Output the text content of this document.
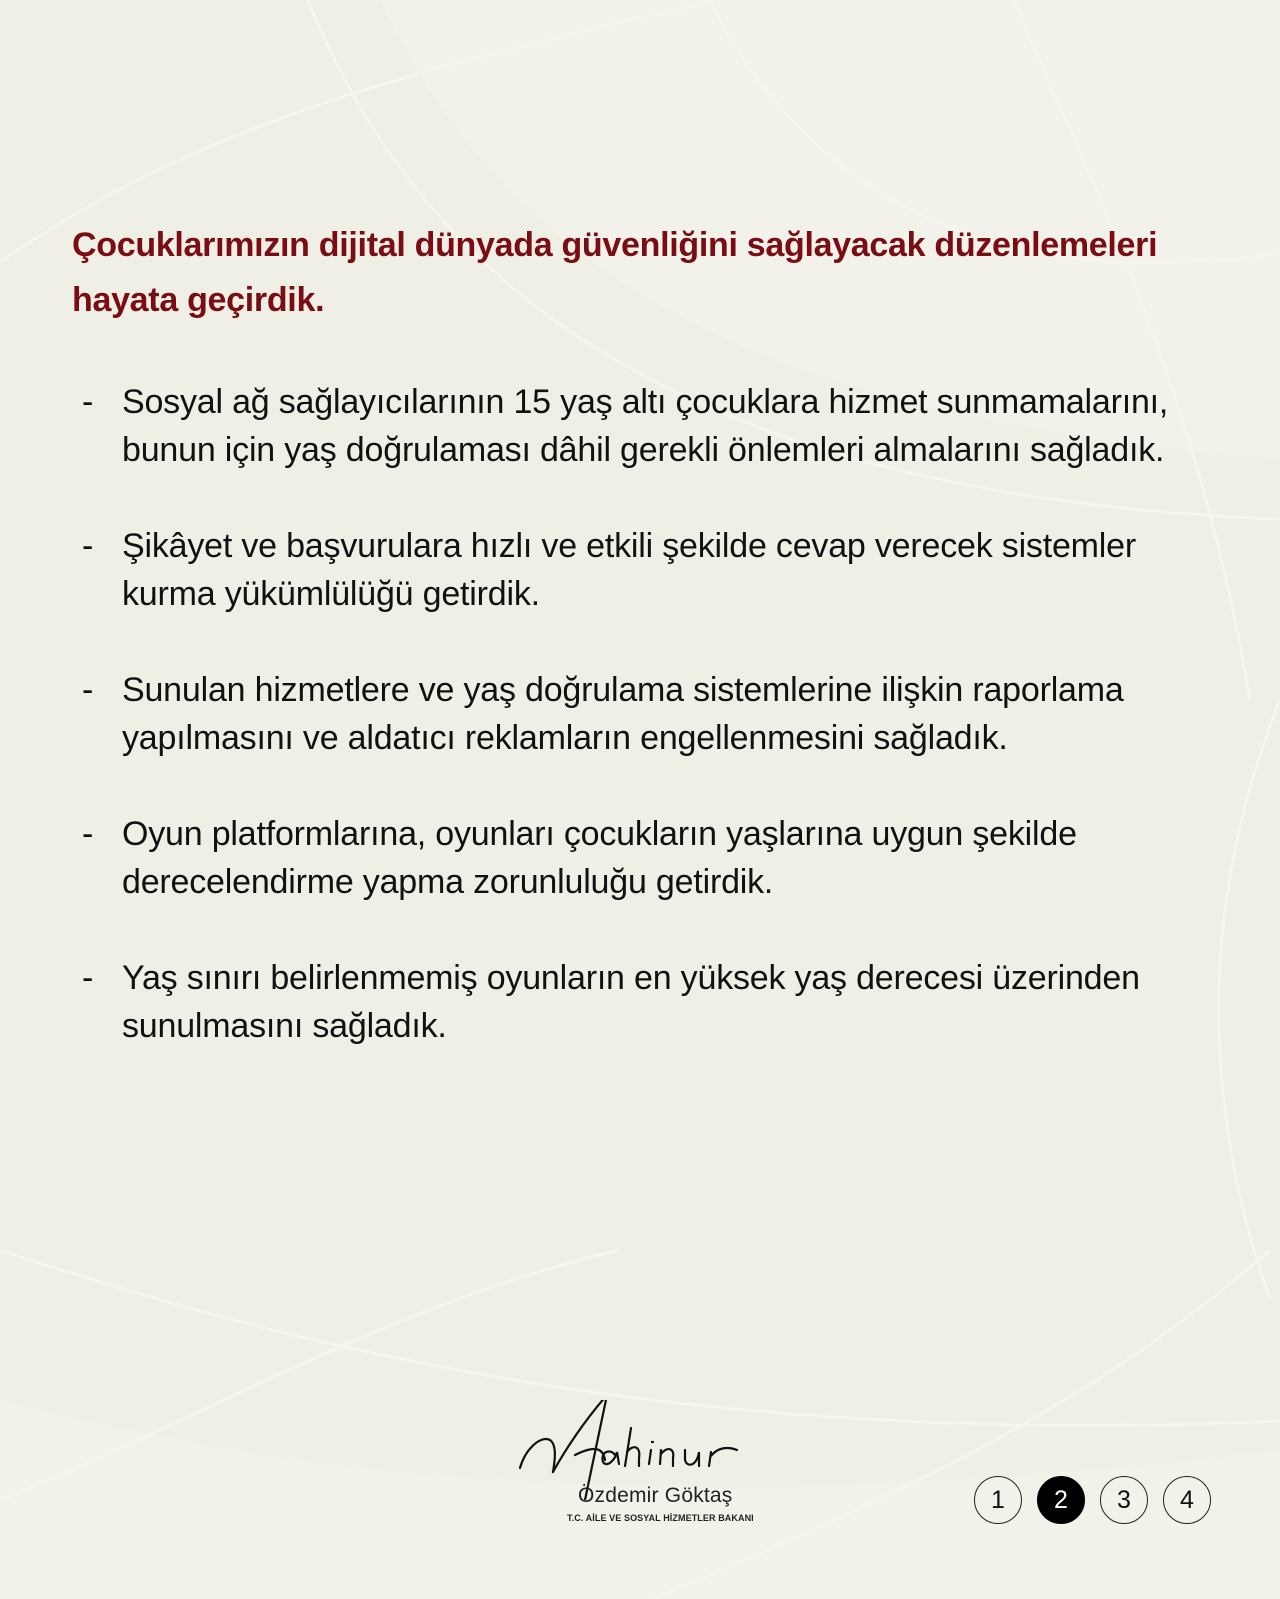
Çocuklarımızın dijital dünyada güvenliğini sağlayacak düzenlemeleri hayata geçirdik.
- Sosyal ağ sağlayıcılarının 15 yaş altı çocuklara hizmet sunmamalarını, bunun için yaş doğrulaması dâhil gerekli önlemleri almalarını sağladık.
- Şikâyet ve başvurulara hızlı ve etkili şekilde cevap verecek sistemler kurma yükümlülüğü getirdik.
- Sunulan hizmetlere ve yaş doğrulama sistemlerine ilişkin raporlama yapılmasını ve aldatıcı reklamların engellenmesini sağladık.
- Oyun platformlarına, oyunları çocukların yaşlarına uygun şekilde derecelendirme yapma zorunluluğu getirdik.
- Yaş sınırı belirlenmemiş oyunların en yüksek yaş derecesi üzerinden sunulmasını sağladık.
Özdemir Göktaş
T.C. AİLE VE SOSYAL HİZMETLER BAKANI
1	2	3	4
